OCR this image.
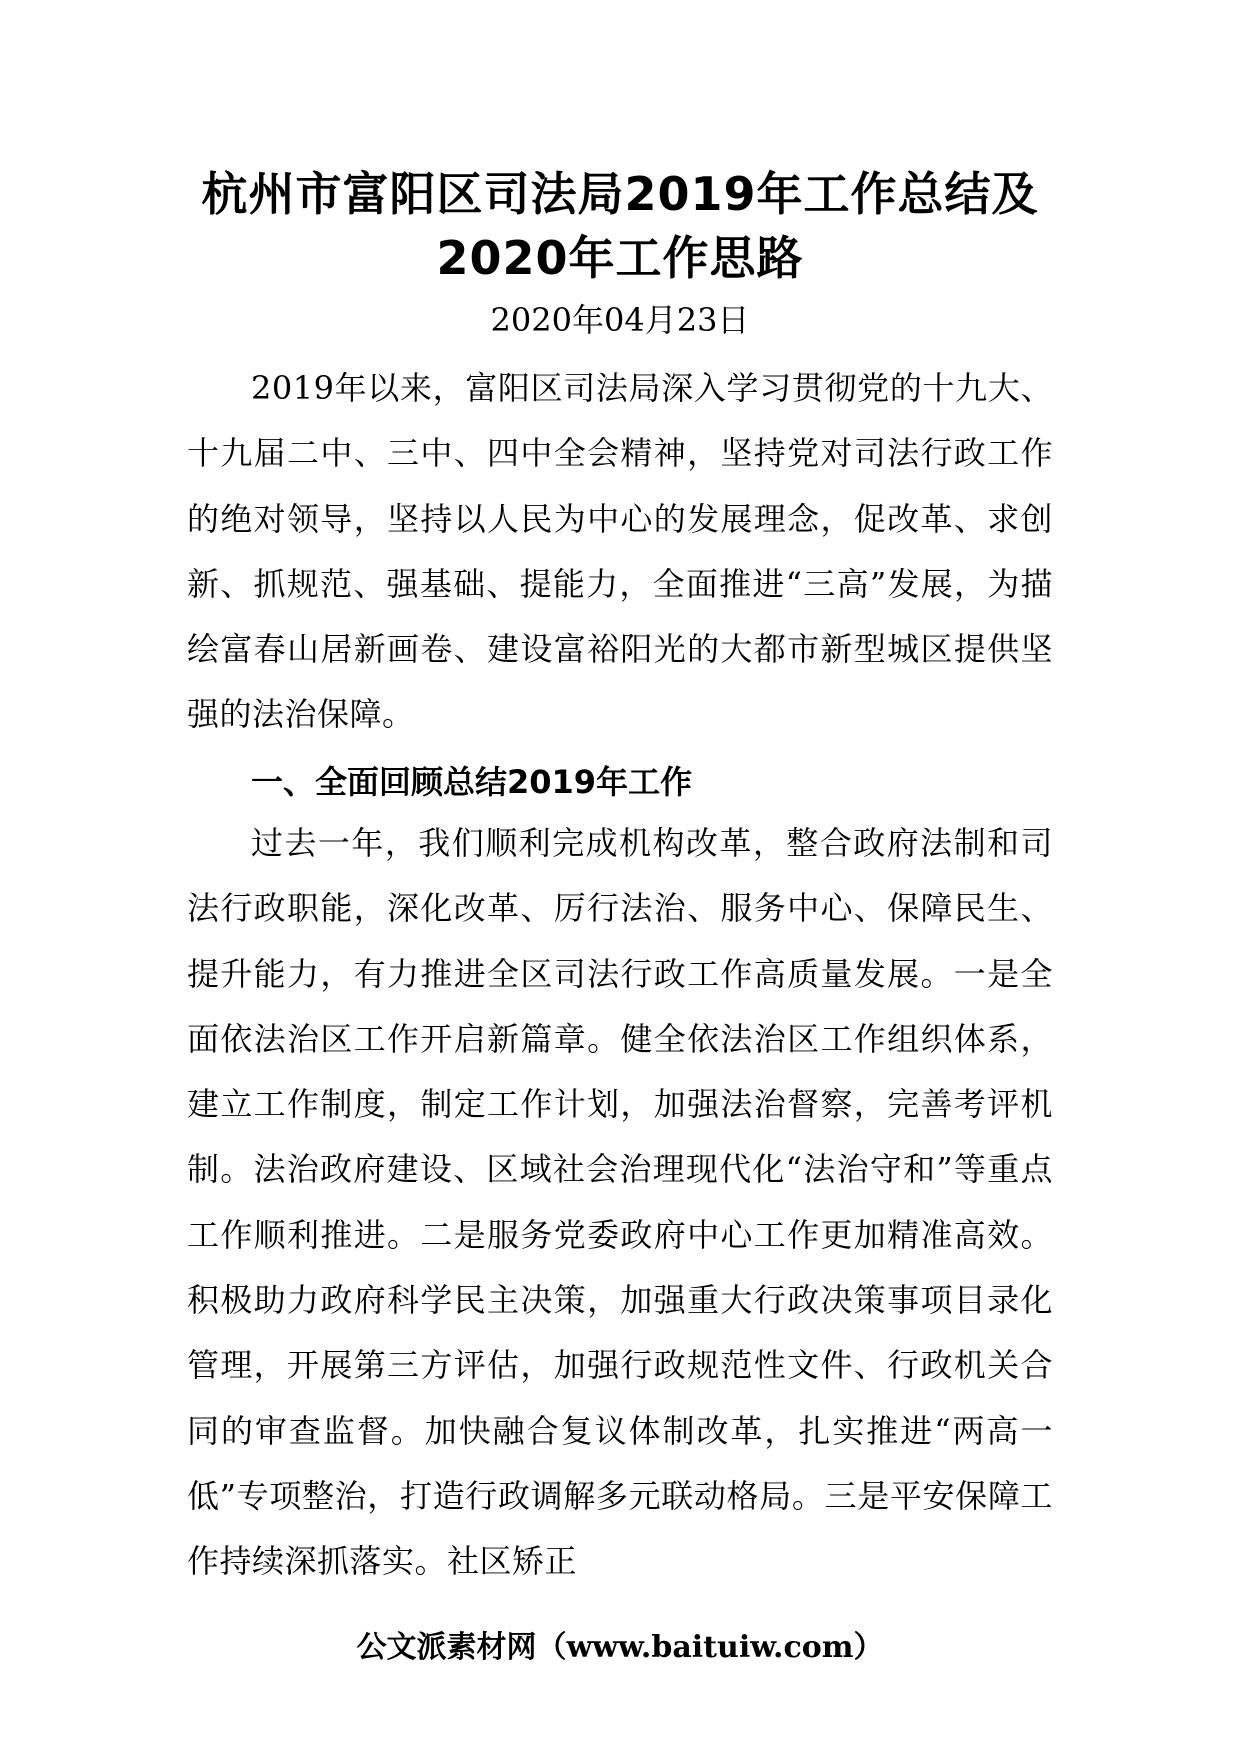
杭州市富阳区司法局2019年工作总结及
2020年工作思路
2020年04月23日
2019年以来，富阳区司法局深入学习贯彻党的十九大、十九届二中、三中、四中全会精神，坚持党对司法行政工作的绝对领导，坚持以人民为中心的发展理念，促改革、求创新、抓规范、强基础、提能力，全面推进“三高”发展，为描绘富春山居新画卷、建设富裕阳光的大都市新型城区提供坚强的法治保障。
一、全面回顾总结2019年工作
过去一年，我们顺利完成机构改革，整合政府法制和司法行政职能，深化改革、厉行法治、服务中心、保障民生、提升能力，有力推进全区司法行政工作高质量发展。一是全面依法治区工作开启新篇章。健全依法治区工作组织体系，建立工作制度，制定工作计划，加强法治督察，完善考评机制。法治政府建设、区域社会治理现代化“法治守和”等重点工作顺利推进。二是服务党委政府中心工作更加精准高效。积极助力政府科学民主决策，加强重大行政决策事项目录化管理，开展第三方评估，加强行政规范性文件、行政机关合同的审查监督。加快融合复议体制改革，扎实推进“两高一低”专项整治，打造行政调解多元联动格局。三是平安保障工作持续深抓落实。社区矫正
公文派素材网（www.baituiw.com）
